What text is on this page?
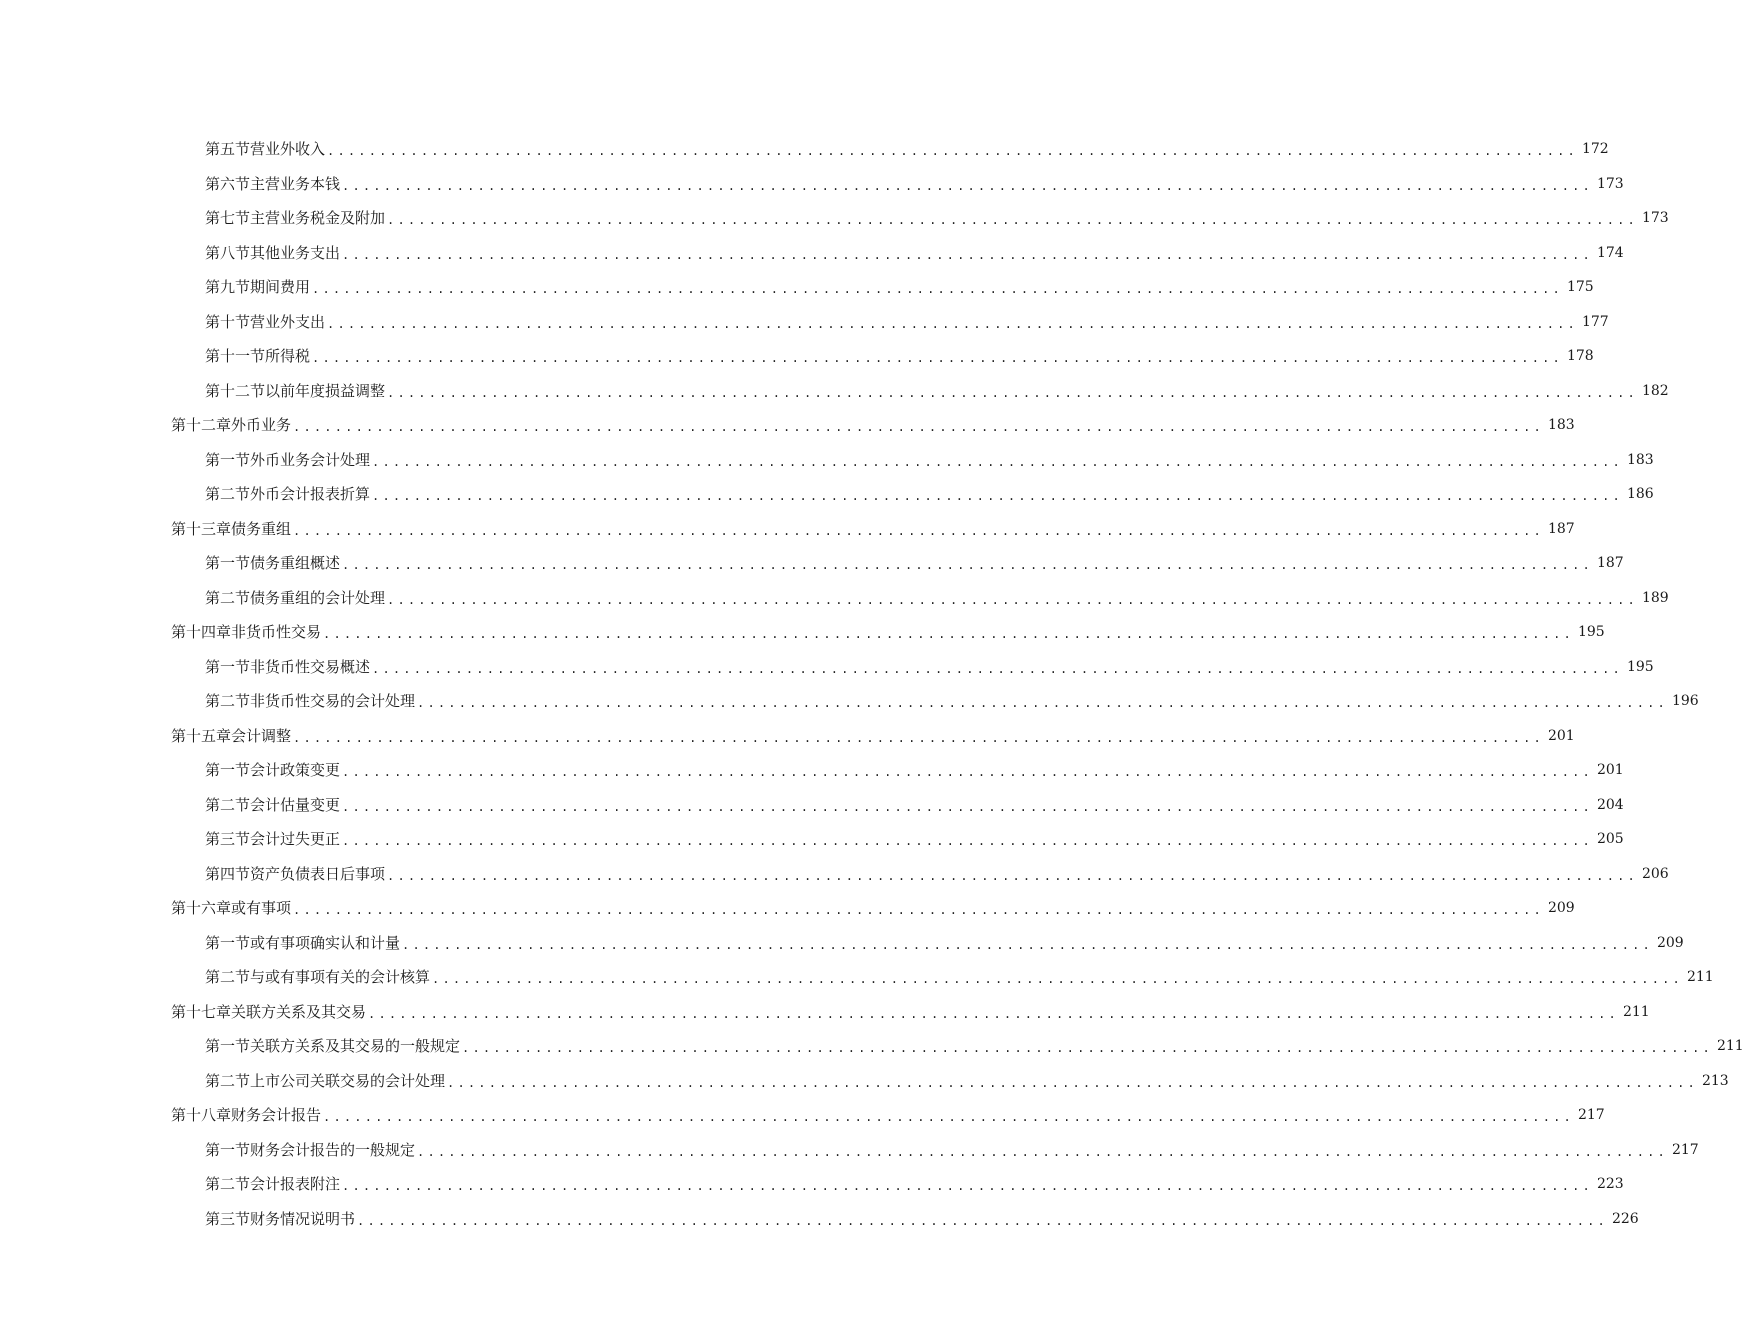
第五节 营业外收入 ........................................................................................................................ 172
第六节 主营业务本钱 ........................................................................................................................ 173
第七节 主营业务税金及附加 ........................................................................................................................ 173
第八节 其他业务支出 ........................................................................................................................ 174
第九节 期间费用 ........................................................................................................................ 175
第十节 营业外支出 ........................................................................................................................ 177
第十一节 所得税 ........................................................................................................................ 178
第十二节 以前年度损益调整 ........................................................................................................................ 182
第十二章 外币业务 ........................................................................................................................ 183
第一节 外币业务会计处理 ........................................................................................................................ 183
第二节 外币会计报表折算 ........................................................................................................................ 186
第十三章 债务重组 ........................................................................................................................ 187
第一节 债务重组概述 ........................................................................................................................ 187
第二节 债务重组的会计处理 ........................................................................................................................ 189
第十四章 非货币性交易 ........................................................................................................................ 195
第一节 非货币性交易概述 ........................................................................................................................ 195
第二节 非货币性交易的会计处理 ........................................................................................................................ 196
第十五章 会计调整 ........................................................................................................................ 201
第一节 会计政策变更 ........................................................................................................................ 201
第二节 会计估量变更 ........................................................................................................................ 204
第三节 会计过失更正 ........................................................................................................................ 205
第四节 资产负债表日后事项 ........................................................................................................................ 206
第十六章 或有事项 ........................................................................................................................ 209
第一节 或有事项确实认和计量 ........................................................................................................................ 209
第二节 与或有事项有关的会计核算 ........................................................................................................................ 211
第十七章 关联方关系及其交易 ........................................................................................................................ 211
第一节 关联方关系及其交易的一般规定 ........................................................................................................................ 211
第二节 上市公司关联交易的会计处理 ........................................................................................................................ 213
第十八章 财务会计报告 ........................................................................................................................ 217
第一节 财务会计报告的一般规定 ........................................................................................................................ 217
第二节 会计报表附注 ........................................................................................................................ 223
第三节 财务情况说明书 ........................................................................................................................ 226
